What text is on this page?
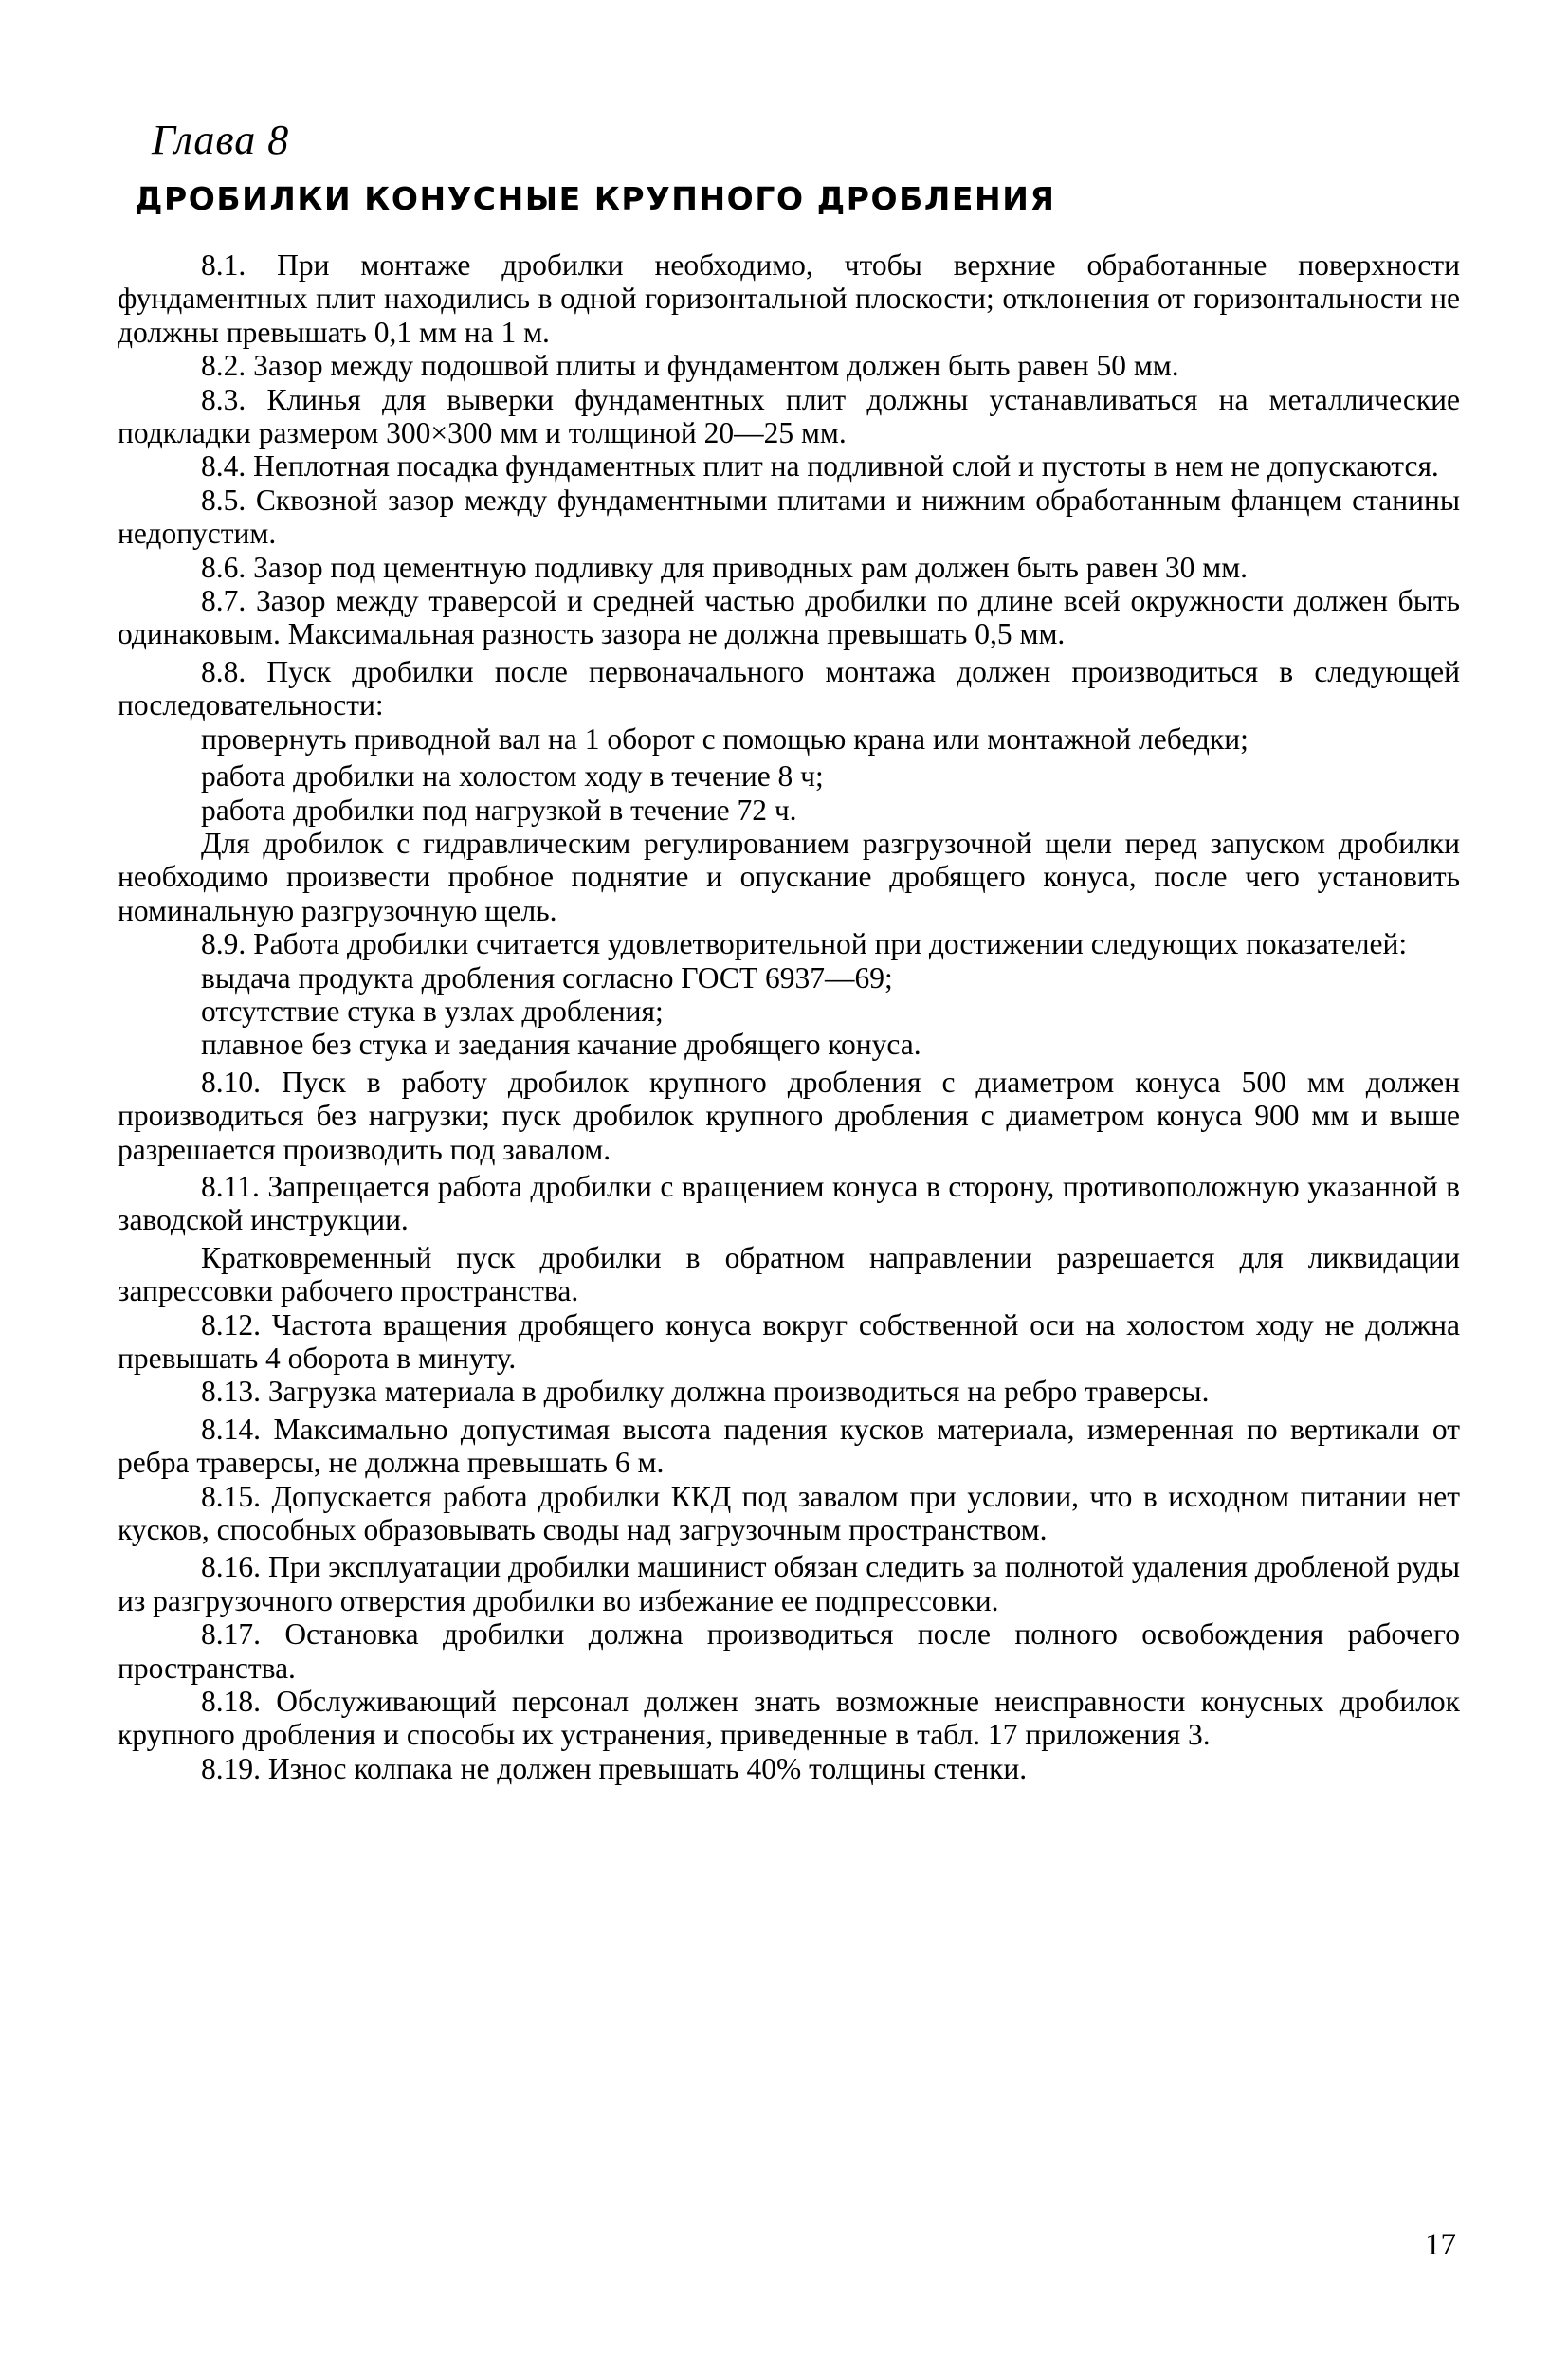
Глава 8
ДРОБИЛКИ КОНУСНЫЕ КРУПНОГО ДРОБЛЕНИЯ

8.1. При монтаже дробилки необходимо, чтобы верхние обработанные поверхности фундаментных плит находились в одной горизонтальной плоскости; отклонения от горизонтальности не должны превышать 0,1 мм на 1 м.

8.2. Зазор между подошвой плиты и фундаментом должен быть равен 50 мм.

8.3. Клинья для выверки фундаментных плит должны устанавливаться на металлические подкладки размером 300×300 мм и толщиной 20—25 мм.

8.4. Неплотная посадка фундаментных плит на подливной слой и пустоты в нем не допускаются.

8.5. Сквозной зазор между фундаментными плитами и нижним обработанным фланцем станины недопустим.

8.6. Зазор под цементную подливку для приводных рам должен быть равен 30 мм.

8.7. Зазор между траверсой и средней частью дробилки по длине всей окружности должен быть одинаковым. Максимальная разность зазора не должна превышать 0,5 мм.

8.8. Пуск дробилки после первоначального монтажа должен производиться в следующей последовательности:

провернуть приводной вал на 1 оборот с помощью крана или монтажной лебедки;

работа дробилки на холостом ходу в течение 8 ч;

работа дробилки под нагрузкой в течение 72 ч.

Для дробилок с гидравлическим регулированием разгрузочной щели перед запуском дробилки необходимо произвести пробное поднятие и опускание дробящего конуса, после чего установить номинальную разгрузочную щель.

8.9. Работа дробилки считается удовлетворительной при достижении следующих показателей:

выдача продукта дробления согласно ГОСТ 6937—69;

отсутствие стука в узлах дробления;

плавное без стука и заедания качание дробящего конуса.

8.10. Пуск в работу дробилок крупного дробления с диаметром конуса 500 мм должен производиться без нагрузки; пуск дробилок крупного дробления с диаметром конуса 900 мм и выше разрешается производить под завалом.

8.11. Запрещается работа дробилки с вращением конуса в сторону, противоположную указанной в заводской инструкции.

Кратковременный пуск дробилки в обратном направлении разрешается для ликвидации запрессовки рабочего пространства.

8.12. Частота вращения дробящего конуса вокруг собственной оси на холостом ходу не должна превышать 4 оборота в минуту.

8.13. Загрузка материала в дробилку должна производиться на ребро траверсы.

8.14. Максимально допустимая высота падения кусков материала, измеренная по вертикали от ребра траверсы, не должна превышать 6 м.

8.15. Допускается работа дробилки ККД под завалом при условии, что в исходном питании нет кусков, способных образовывать своды над загрузочным пространством.

8.16. При эксплуатации дробилки машинист обязан следить за полнотой удаления дробленой руды из разгрузочного отверстия дробилки во избежание ее подпрессовки.

8.17. Остановка дробилки должна производиться после полного освобождения рабочего пространства.

8.18. Обслуживающий персонал должен знать возможные неисправности конусных дробилок крупного дробления и способы их устранения, приведенные в табл. 17 приложения 3.

8.19. Износ колпака не должен превышать 40% толщины стенки.

17
